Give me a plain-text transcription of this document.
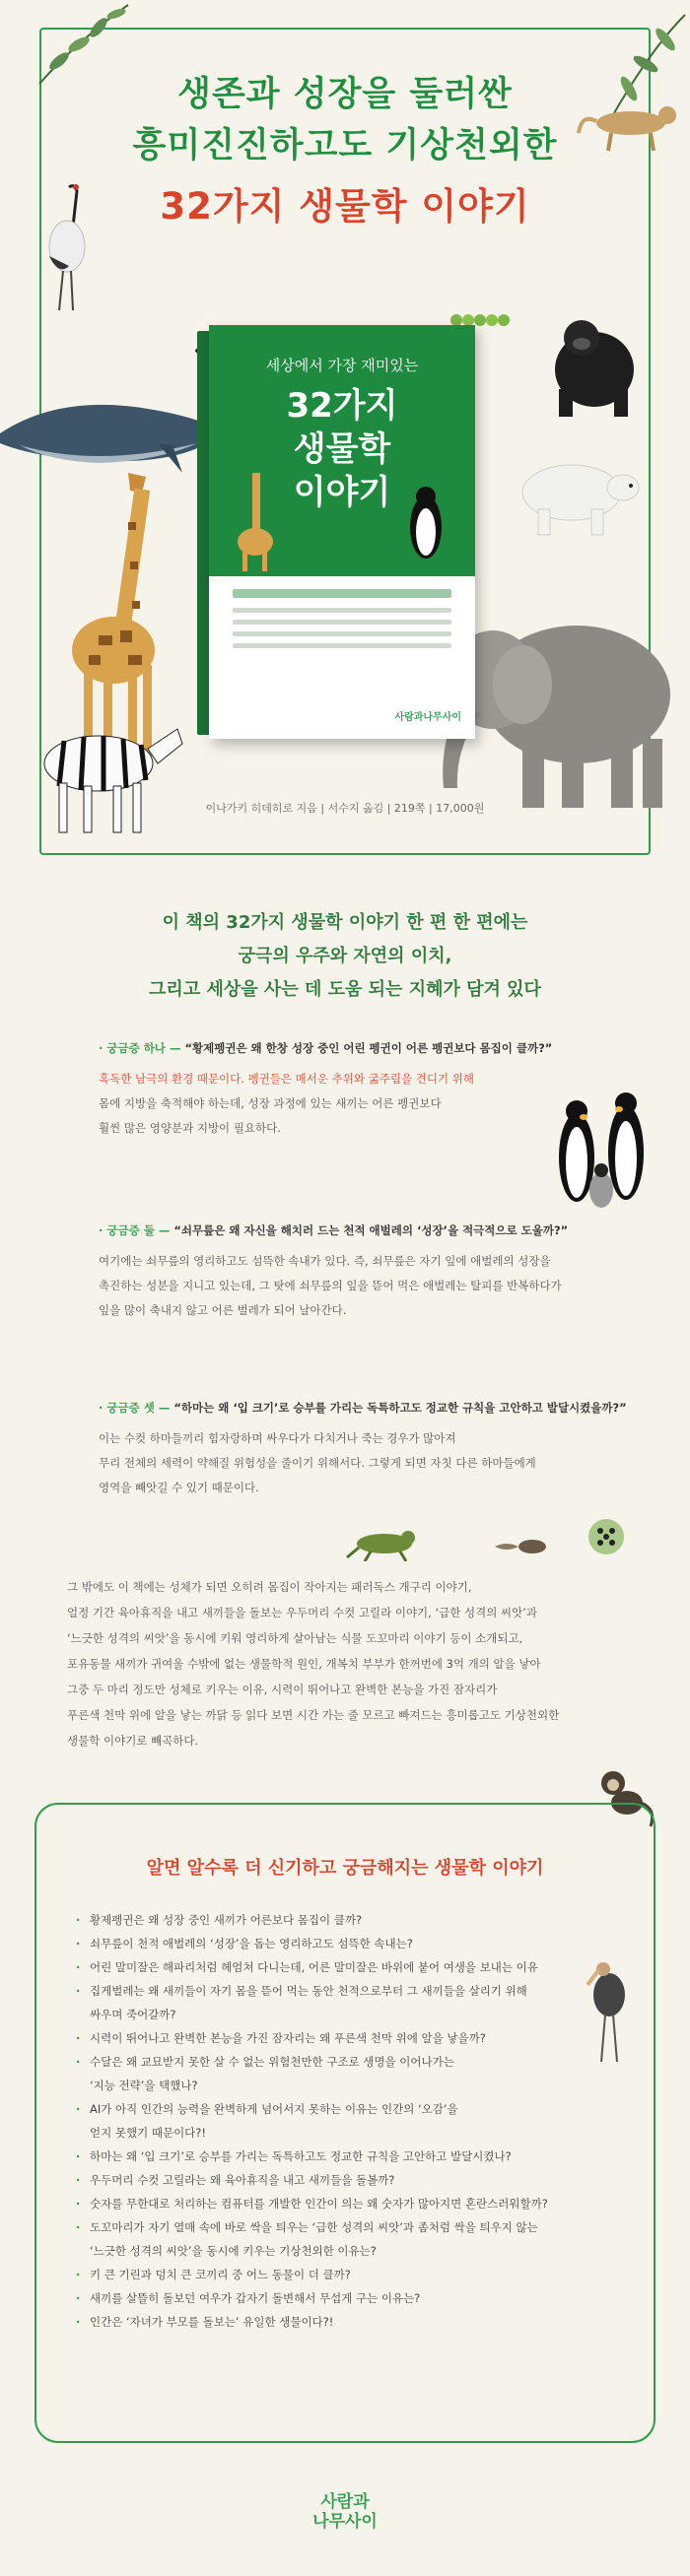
생존과 성장을 둘러싼
흥미진진하고도 기상천외한
32가지 생물학 이야기
세상에서 가장 재미있는
32가지
생물학
이야기
사람과나무사이
이나가키 히데히로 지음 | 서수지 옮김 | 219쪽 | 17,000원
이 책의 32가지 생물학 이야기 한 편 한 편에는
궁극의 우주와 자연의 이치,
그리고 세상을 사는 데 도움 되는 지혜가 담겨 있다
· 궁금증 하나 — “황제펭귄은 왜 한창 성장 중인 어린 펭귄이 어른 펭귄보다 몸집이 클까?”
혹독한 남극의 환경 때문이다. 펭귄들은 매서운 추위와 굶주림을 견디기 위해
몸에 지방을 축적해야 하는데, 성장 과정에 있는 새끼는 어른 펭귄보다
훨씬 많은 영양분과 지방이 필요하다.
· 궁금증 둘 — “쇠무릎은 왜 자신을 해치러 드는 천적 애벌레의 ‘성장’을 적극적으로 도울까?”
여기에는 쇠무릎의 영리하고도 섬뜩한 속내가 있다. 즉, 쇠무릎은 자기 잎에 애벌레의 성장을
촉진하는 성분을 지니고 있는데, 그 탓에 쇠무릎의 잎을 뜯어 먹은 애벌레는 탈피를 반복하다가
잎을 많이 축내지 않고 어른 벌레가 되어 날아간다.
· 궁금증 셋 — “하마는 왜 ‘입 크기’로 승부를 가리는 독특하고도 정교한 규칙을 고안하고 발달시켰을까?”
이는 수컷 하마들끼리 힘자랑하며 싸우다가 다치거나 죽는 경우가 많아져
무리 전체의 세력이 약해질 위험성을 줄이기 위해서다. 그렇게 되면 자칫 다른 하마들에게
영역을 빼앗길 수 있기 때문이다.
그 밖에도 이 책에는 성체가 되면 오히려 몸집이 작아지는 패러독스 개구리 이야기,
얼정 기간 육아휴직을 내고 새끼들을 돌보는 우두머리 수컷 고릴라 이야기, ‘급한 성격의 씨앗’과
‘느긋한 성격의 씨앗’을 동시에 키워 영리하게 살아남는 식물 도꼬마리 이야기 등이 소개되고,
포유동물 새끼가 귀여울 수밖에 없는 생물학적 원인, 개복치 부부가 한꺼번에 3억 개의 알을 낳아
그중 두 마리 정도만 성체로 키우는 이유, 시력이 뛰어나고 완벽한 본능을 가진 잠자리가
푸른색 천막 위에 알을 낳는 까닭 등 읽다 보면 시간 가는 줄 모르고 빠져드는 흥미롭고도 기상천외한
생물학 이야기로 빼곡하다.
알면 알수록 더 신기하고 궁금해지는 생물학 이야기
· 황제펭귄은 왜 성장 중인 새끼가 어른보다 몸집이 클까?
· 쇠무릎이 천적 애벌레의 ‘성장’을 돕는 영리하고도 섬뜩한 속내는?
· 어린 말미잘은 해파리처럼 헤엄쳐 다니는데, 어른 말미잘은 바위에 붙어 여생을 보내는 이유
· 집게벌레는 왜 새끼들이 자기 몸을 뜯어 먹는 동안 천적으로부터 그 새끼들을 살리기 위해
싸우며 죽어갈까?
· 시력이 뛰어나고 완벽한 본능을 가진 잠자리는 왜 푸른색 천막 위에 알을 낳을까?
· 수달은 왜 교묘받지 못한 살 수 없는 위험천만한 구조로 생명을 이어나가는
‘지능 전략’을 택했나?
· AI가 아직 인간의 능력을 완벽하게 넘어서지 못하는 이유는 인간의 ‘오감’을
얻지 못했기 때문이다?!
· 하마는 왜 ‘입 크기’로 승부를 가리는 독특하고도 정교한 규칙을 고안하고 발달시켰나?
· 우두머리 수컷 고릴라는 왜 육아휴직을 내고 새끼들을 돌볼까?
· 숫자를 무한대로 처리하는 컴퓨터를 개발한 인간이 의는 왜 숫자가 많아지면 혼란스러워할까?
· 도꼬마리가 자기 열매 속에 바로 싹을 틔우는 ‘급한 성격의 씨앗’과 좀처럼 싹을 틔우지 않는
‘느긋한 성격의 씨앗’을 동시에 키우는 기상천외한 이유는?
· 키 큰 기린과 덩치 큰 코끼리 중 어느 동물이 더 클까?
· 새끼를 살뜰히 돌보던 여우가 갑자기 돌변해서 무섭게 구는 이유는?
· 인간은 ‘자녀가 부모를 돌보는’ 유일한 생물이다?!
사람과
나무사이
